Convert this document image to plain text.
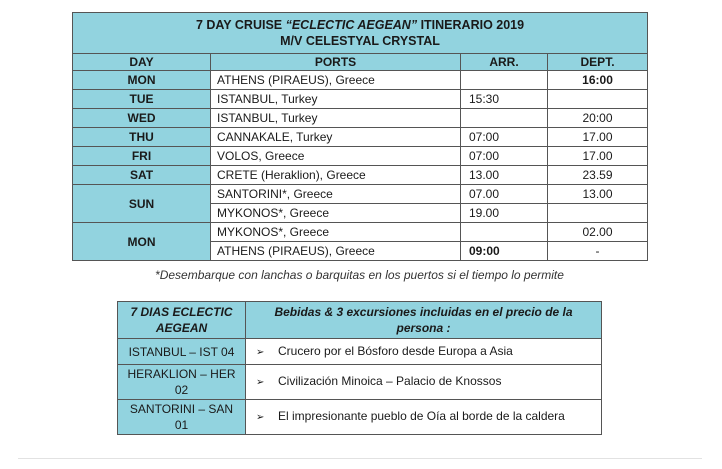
7 DAY CRUISE “ECLECTIC AEGEAN” ITINERARIO 2019
M/V CELESTYAL CRYSTAL			

DAY	PORTS	ARR.	DEPT.
MON	ATHENS (PIRAEUS), Greece		16:00
TUE	ISTANBUL, Turkey	15:30	
WED	ISTANBUL, Turkey		20:00
THU	CANNAKALE, Turkey	07:00	17.00
FRI	VOLOS, Greece	07:00	17.00
SAT	CRETE (Heraklion), Greece	13.00	23.59
SUN	SANTORINI*, Greece	07.00	13.00
	MYKONOS*, Greece	19.00	
MON	MYKONOS*, Greece		02.00
	ATHENS (PIRAEUS), Greece	09:00	-
*Desembarque con lanchas o barquitas en los puertos si el tiempo lo permite
7 DIAS ECLECTIC AEGEAN	Bebidas & 3 excursiones incluidas en el precio de la persona :
ISTANBUL – IST 04	➢ Crucero por el Bósforo desde Europa a Asia
HERAKLION – HER 02	➢ Civilización Minoica – Palacio de Knossos
SANTORINI – SAN 01	➢ El impresionante pueblo de Oía al borde de la caldera
